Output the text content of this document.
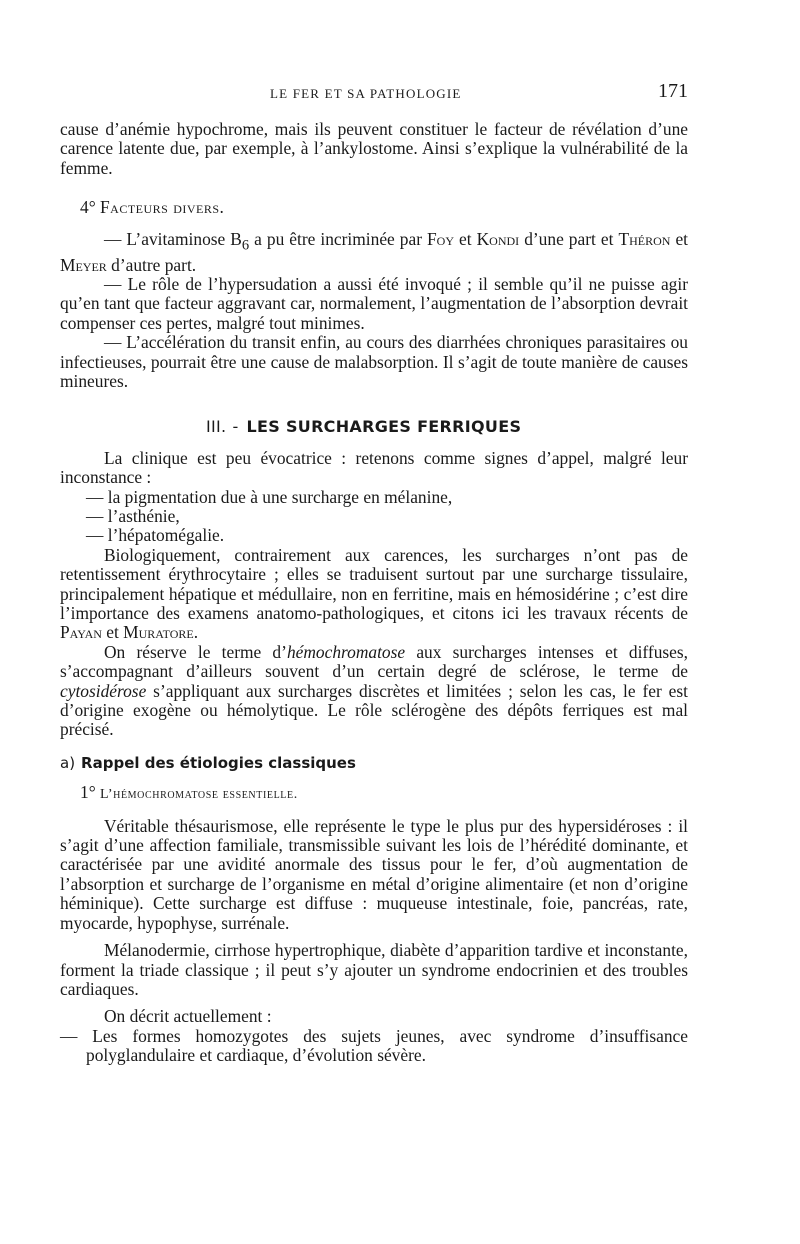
LE FER ET SA PATHOLOGIE	171

cause d’anémie hypochrome, mais ils peuvent constituer le facteur de révélation d’une carence latente due, par exemple, à l’ankylostome. Ainsi s’explique la vulnérabilité de la femme.

4° Facteurs divers.

— L’avitaminose $B_6$ a pu être incriminée par Foy et Kondi d’une part et Théron et Meyer d’autre part.

— Le rôle de l’hypersudation a aussi été invoqué ; il semble qu’il ne puisse agir qu’en tant que facteur aggravant car, normalement, l’augmentation de l’absorption devrait compenser ces pertes, malgré tout minimes.

— L’accélération du transit enfin, au cours des diarrhées chroniques parasitaires ou infectieuses, pourrait être une cause de malabsorption. Il s’agit de toute manière de causes mineures.

III. - LES SURCHARGES FERRIQUES

La clinique est peu évocatrice : retenons comme signes d’appel, malgré leur inconstance :

— la pigmentation due à une surcharge en mélanine,

— l’asthénie,

— l’hépatomégalie.

Biologiquement, contrairement aux carences, les surcharges n’ont pas de retentissement érythrocytaire ; elles se traduisent surtout par une surcharge tissulaire, principalement hépatique et médullaire, non en ferritine, mais en hémosidérine ; c’est dire l’importance des examens anatomo-pathologiques, et citons ici les travaux récents de Payan et Muratore.

On réserve le terme d’hémochromatose aux surcharges intenses et diffuses, s’accompagnant d’ailleurs souvent d’un certain degré de sclérose, le terme de cytosidérose s’appliquant aux surcharges discrètes et limitées ; selon les cas, le fer est d’origine exogène ou hémolytique. Le rôle sclérogène des dépôts ferriques est mal précisé.

a) Rappel des étiologies classiques

1° L’hémochromatose essentielle.

Véritable thésaurismose, elle représente le type le plus pur des hypersidéroses : il s’agit d’une affection familiale, transmissible suivant les lois de l’hérédité dominante, et caractérisée par une avidité anormale des tissus pour le fer, d’où augmentation de l’absorption et surcharge de l’organisme en métal d’origine alimentaire (et non d’origine héminique). Cette surcharge est diffuse : muqueuse intestinale, foie, pancréas, rate, myocarde, hypophyse, surrénale.

Mélanodermie, cirrhose hypertrophique, diabète d’apparition tardive et inconstante, forment la triade classique ; il peut s’y ajouter un syndrome endocrinien et des troubles cardiaques.

On décrit actuellement :

— Les formes homozygotes des sujets jeunes, avec syndrome d’insuffisance polyglandulaire et cardiaque, d’évolution sévère.
